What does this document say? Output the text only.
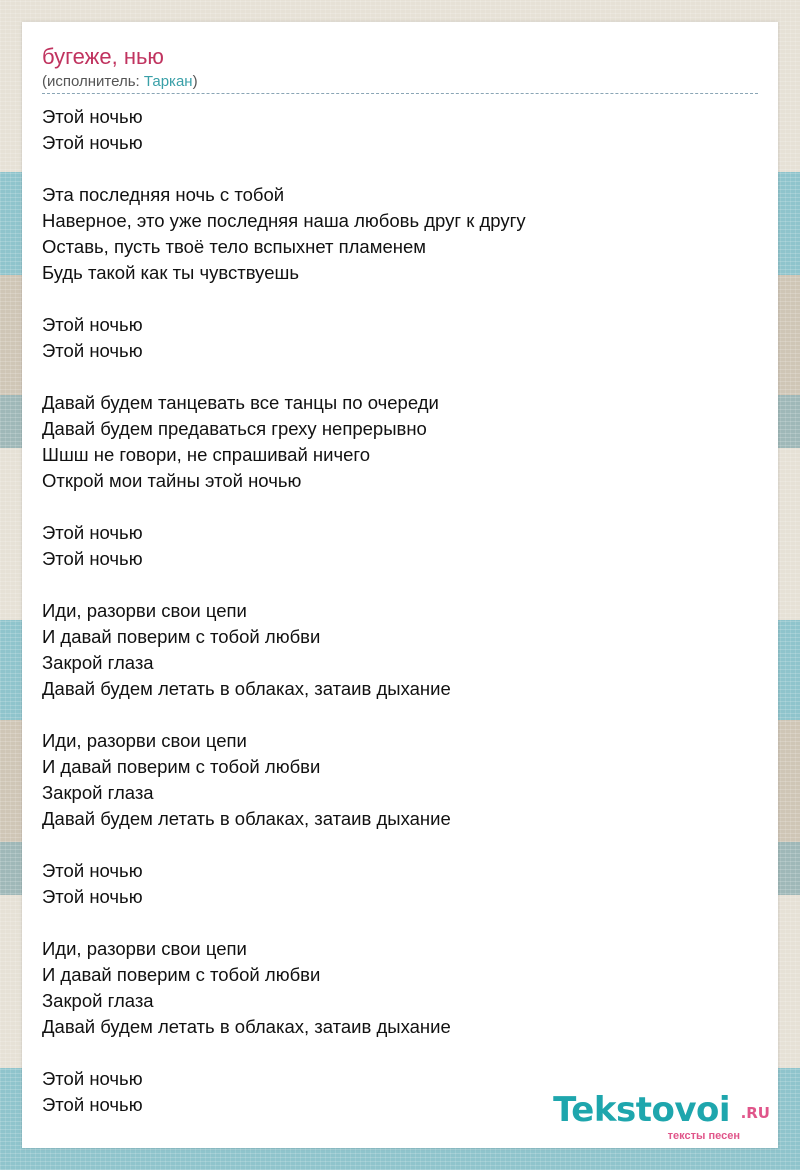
бугеже, нью
(исполнитель: Таркан)
Этой ночью
Этой ночью
Эта последняя ночь с тобой
Наверное, это уже последняя наша любовь друг к другу
Оставь, пусть твоё тело вспыхнет пламенем
Будь такой как ты чувствуешь
Этой ночью
Этой ночью
Давай будем танцевать все танцы по очереди
Давай будем предаваться греху непрерывно
Шшш не говори, не спрашивай ничего
Открой мои тайны этой ночью
Этой ночью
Этой ночью
Иди, разорви свои цепи
И давай поверим с тобой любви
Закрой глаза
Давай будем летать в облаках, затаив дыхание
Иди, разорви свои цепи
И давай поверим с тобой любви
Закрой глаза
Давай будем летать в облаках, затаив дыхание
Этой ночью
Этой ночью
Иди, разорви свои цепи
И давай поверим с тобой любви
Закрой глаза
Давай будем летать в облаках, затаив дыхание
Этой ночью
Этой ночью	Tekstovoi .RU
тексты песен
